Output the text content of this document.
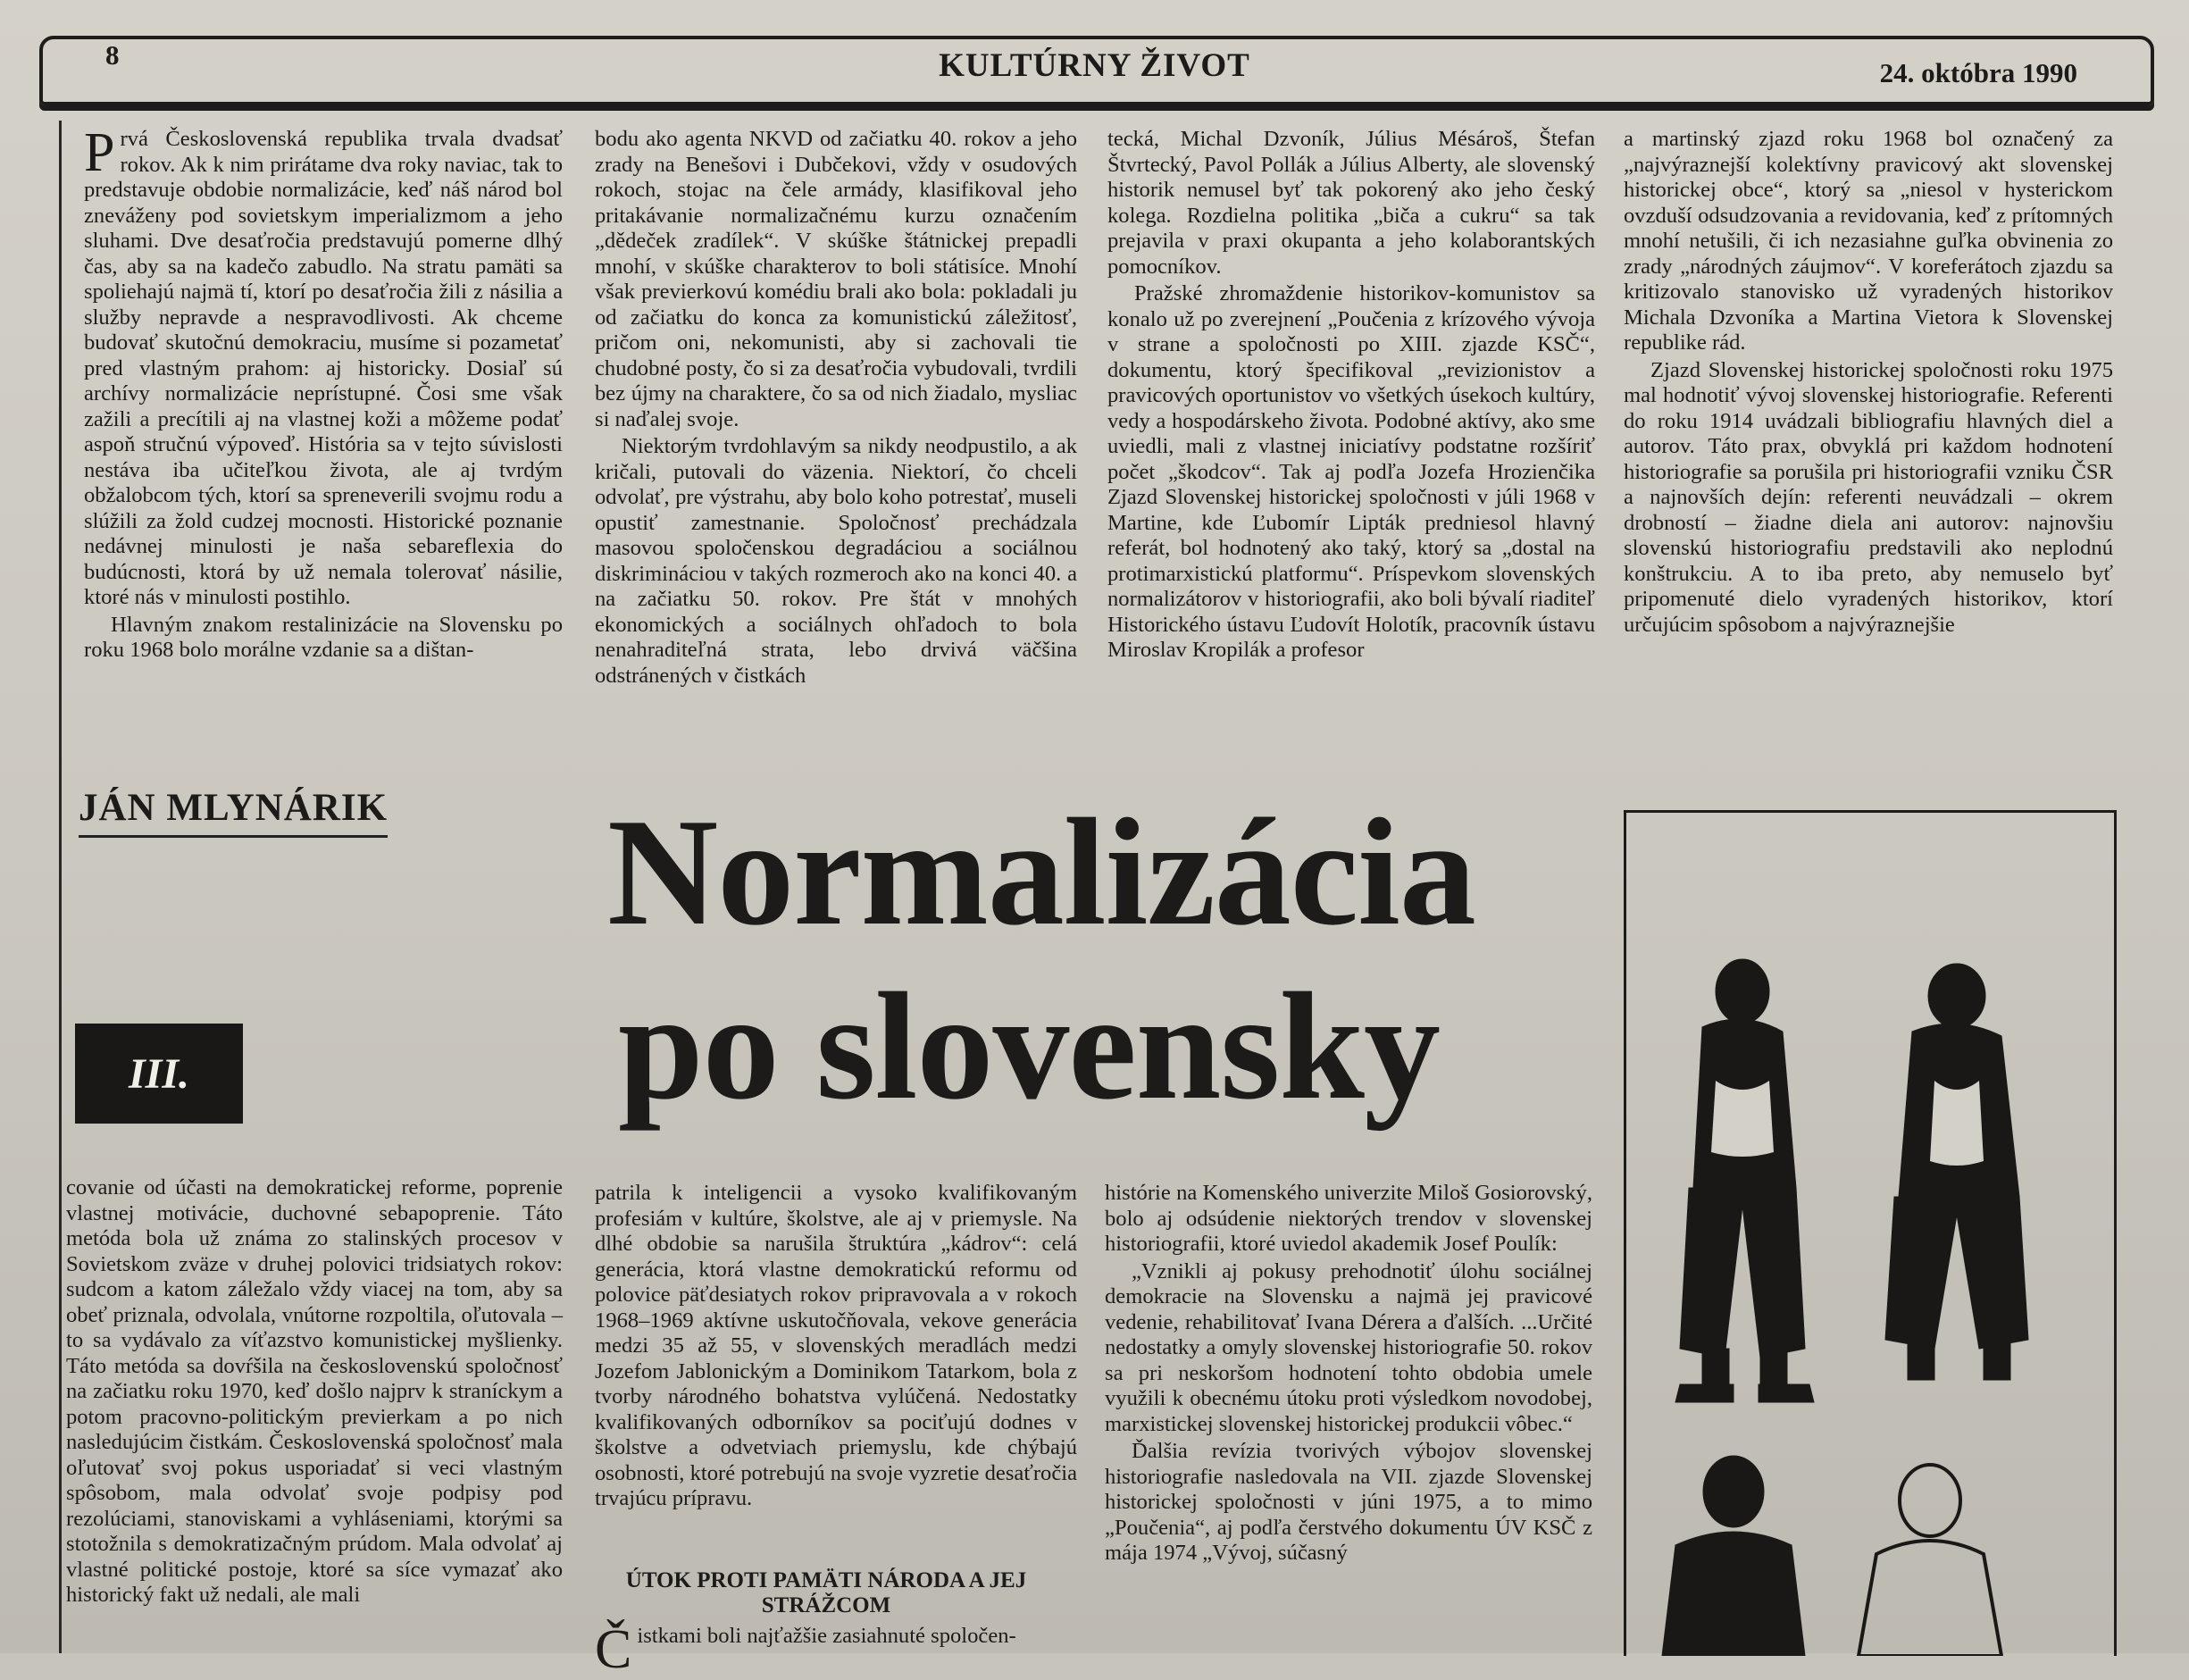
8	KULTÚRNY ŽIVOT	24. októbra 1990

Prvá Československá republika trvala dvadsať rokov. Ak k nim prirátame dva roky naviac, tak to predstavuje obdobie normalizácie, keď náš národ bol zneváženy pod sovietskym imperializmom a jeho sluhami. Dve desaťročia predstavujú pomerne dlhý čas, aby sa na kadečo zabudlo. Na stratu pamäti sa spoliehajú najmä tí, ktorí po desaťročia žili z násilia a služby nepravde a nespravodlivosti. Ak chceme budovať skutočnú demokraciu, musíme si pozametať pred vlastným prahom: aj historicky. Dosiaľ sú archívy normalizácie neprístupné. Čosi sme však zažili a precítili aj na vlastnej koži a môžeme podať aspoň stručnú výpoveď. História sa v tejto súvislosti nestáva iba učiteľkou života, ale aj tvrdým obžalobcom tých, ktorí sa spreneverili svojmu rodu a slúžili za žold cudzej mocnosti. Historické poznanie nedávnej minulosti je naša sebareflexia do budúcnosti, ktorá by už nemala tolerovať násilie, ktoré nás v minulosti postihlo.

Hlavným znakom restalinizácie na Slovensku po roku 1968 bolo morálne vzdanie sa a dištan-

bodu ako agenta NKVD od začiatku 40. rokov a jeho zrady na Benešovi i Dubčekovi, vždy v osudových rokoch, stojac na čele armády, klasifikoval jeho pritakávanie normalizačnému kurzu označením „dědeček zradílek“. V skúške štátnickej prepadli mnohí, v skúške charakterov to boli státisíce. Mnohí však previerkovú komédiu brali ako bola: pokladali ju od začiatku do konca za komunistickú záležitosť, pričom oni, nekomunisti, aby si zachovali tie chudobné posty, čo si za desaťročia vybudovali, tvrdili bez újmy na charaktere, čo sa od nich žiadalo, mysliac si naďalej svoje.

Niektorým tvrdohlavým sa nikdy neodpustilo, a ak kričali, putovali do väzenia. Niektorí, čo chceli odvolať, pre výstrahu, aby bolo koho potrestať, museli opustiť zamestnanie. Spoločnosť prechádzala masovou spoločenskou degradáciou a sociálnou diskrimináciou v takých rozmeroch ako na konci 40. a na začiatku 50. rokov. Pre štát v mnohých ekonomických a sociálnych ohľadoch to bola nenahraditeľná strata, lebo drvivá väčšina odstránených v čistkách

tecká, Michal Dzvoník, Július Mésároš, Štefan Štvrtecký, Pavol Pollák a Július Alberty, ale slovenský historik nemusel byť tak pokorený ako jeho český kolega. Rozdielna politika „biča a cukru“ sa tak prejavila v praxi okupanta a jeho kolaborantských pomocníkov.

Pražské zhromaždenie historikov-komunistov sa konalo už po zverejnení „Poučenia z krízového vývoja v strane a spoločnosti po XIII. zjazde KSČ“, dokumentu, ktorý špecifikoval „revizionistov a pravicových oportunistov vo všetkých úsekoch kultúry, vedy a hospodárskeho života. Podobné aktívy, ako sme uviedli, mali z vlastnej iniciatívy podstatne rozšíriť počet „škodcov“. Tak aj podľa Jozefa Hrozienčika Zjazd Slovenskej historickej spoločnosti v júli 1968 v Martine, kde Ľubomír Lipták predniesol hlavný referát, bol hodnotený ako taký, ktorý sa „dostal na protimarxistickú platformu“. Príspevkom slovenských normalizátorov v historiografii, ako boli bývalí riaditeľ Historického ústavu Ľudovít Holotík, pracovník ústavu Miroslav Kropilák a profesor

a martinský zjazd roku 1968 bol označený za „najvýraznejší kolektívny pravicový akt slovenskej historickej obce“, ktorý sa „niesol v hysterickom ovzduší odsudzovania a revidovania, keď z prítomných mnohí netušili, či ich nezasiahne guľka obvinenia zo zrady „národných záujmov“. V koreferátoch zjazdu sa kritizovalo stanovisko už vyradených historikov Michala Dzvoníka a Martina Vietora k Slovenskej republike rád.

Zjazd Slovenskej historickej spoločnosti roku 1975 mal hodnotiť vývoj slovenskej historiografie. Referenti do roku 1914 uvádzali bibliografiu hlavných diel a autorov. Táto prax, obvyklá pri každom hodnotení historiografie sa porušila pri historiografii vzniku ČSR a najnovších dejín: referenti neuvádzali – okrem drobností – žiadne diela ani autorov: najnovšiu slovenskú historiografiu predstavili ako neplodnú konštrukciu. A to iba preto, aby nemuselo byť pripomenuté dielo vyradených historikov, ktorí určujúcim spôsobom a najvýraznejšie

JÁN MLYNÁRIK Normalizácia
po slovensky
III.

covanie od účasti na demokratickej reforme, poprenie vlastnej motivácie, duchovné sebapoprenie. Táto metóda bola už známa zo stalinských procesov v Sovietskom zväze v druhej polovici tridsiatych rokov: sudcom a katom záležalo vždy viacej na tom, aby sa obeť priznala, odvolala, vnútorne rozpoltila, oľutovala – to sa vydávalo za víťazstvo komunistickej myšlienky. Táto metóda sa dovŕšila na československú spoločnosť na začiatku roku 1970, keď došlo najprv k straníckym a potom pracovno-politickým previerkam a po nich nasledujúcim čistkám. Československá spoločnosť mala oľutovať svoj pokus usporiadať si veci vlastným spôsobom, mala odvolať svoje podpisy pod rezolúciami, stanoviskami a vyhláseniami, ktorými sa stotožnila s demokratizačným prúdom. Mala odvolať aj vlastné politické postoje, ktoré sa síce vymazať ako historický fakt už nedali, ale mali

patrila k inteligencii a vysoko kvalifikovaným profesiám v kultúre, školstve, ale aj v priemysle. Na dlhé obdobie sa narušila štruktúra „kádrov“: celá generácia, ktorá vlastne demokratickú reformu od polovice päťdesiatych rokov pripravovala a v rokoch 1968–1969 aktívne uskutočňovala, vekove generácia medzi 35 až 55, v slovenských meradlách medzi Jozefom Jablonickým a Dominikom Tatarkom, bola z tvorby národného bohatstva vylúčená. Nedostatky kvalifikovaných odborníkov sa pociťujú dodnes v školstve a odvetviach priemyslu, kde chýbajú osobnosti, ktoré potrebujú na svoje vyzretie desaťročia trvajúcu prípravu.

histórie na Komenského univerzite Miloš Gosiorovský, bolo aj odsúdenie niektorých trendov v slovenskej historiografii, ktoré uviedol akademik Josef Poulík:

„Vznikli aj pokusy prehodnotiť úlohu sociálnej demokracie na Slovensku a najmä jej pravicové vedenie, rehabilitovať Ivana Dérera a ďalších. ...Určité nedostatky a omyly slovenskej historiografie 50. rokov sa pri neskoršom hodnotení tohto obdobia umele využili k obecnému útoku proti výsledkom novodobej, marxistickej slovenskej historickej produkcii vôbec.“

Ďalšia revízia tvorivých výbojov slovenskej historiografie nasledovala na VII. zjazde Slovenskej historickej spoločnosti v júni 1975, a to mimo „Poučenia“, aj podľa čerstvého dokumentu ÚV KSČ z mája 1974 „Vývoj, súčasný

ÚTOK PROTI PAMÄTI NÁRODA A JEJ STRÁŽCOM

Čistkami boli najťažšie zasiahnuté spoločen-
